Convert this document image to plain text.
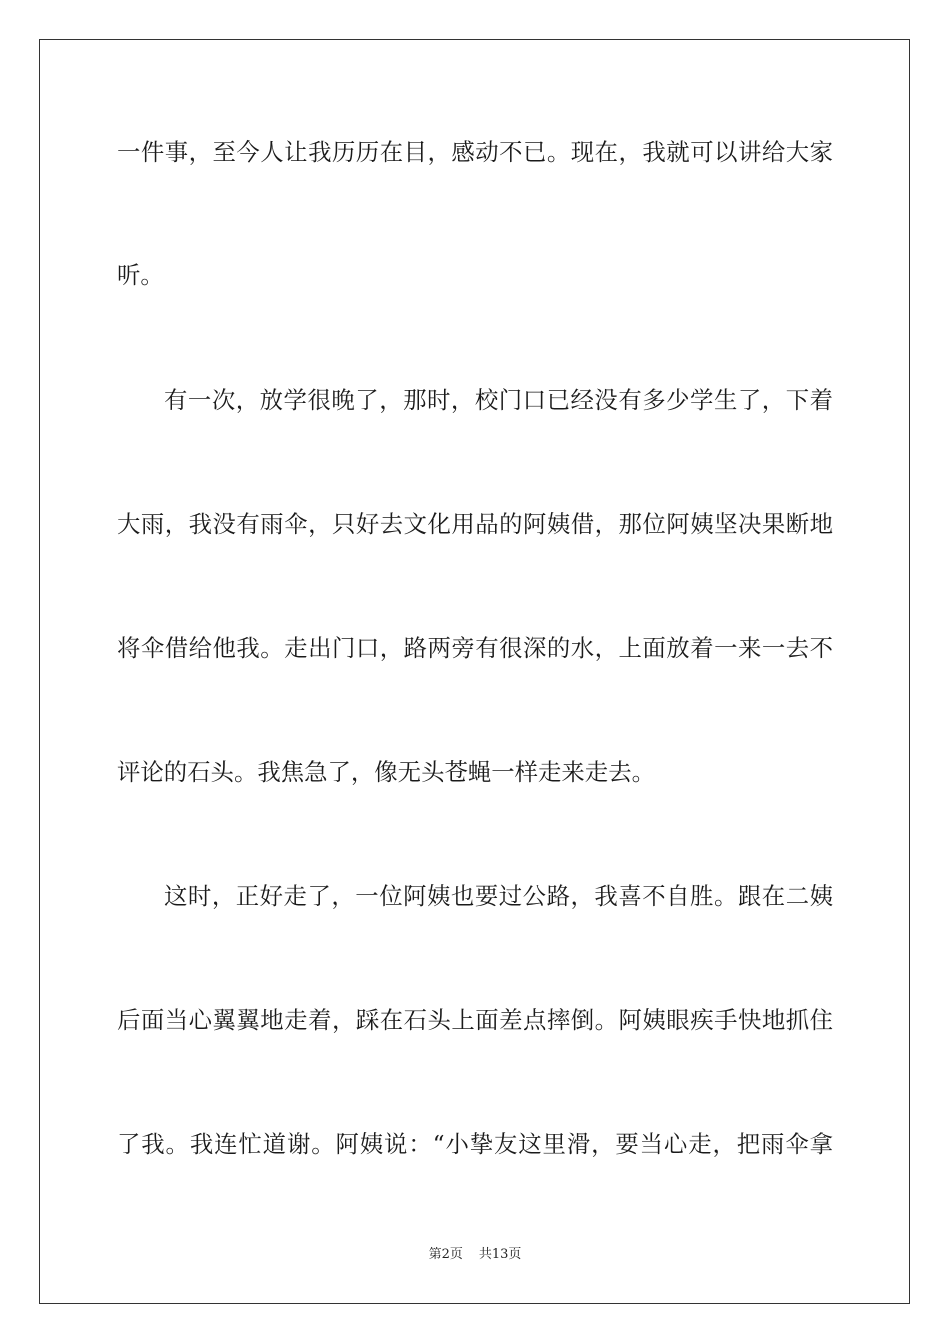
一件事，至今人让我历历在目，感动不已。现在，我就可以讲给大家
听。
有一次，放学很晚了，那时，校门口已经没有多少学生了，下着
大雨，我没有雨伞，只好去文化用品的阿姨借，那位阿姨坚决果断地
将伞借给他我。走出门口，路两旁有很深的水，上面放着一来一去不
评论的石头。我焦急了，像无头苍蝇一样走来走去。
这时，正好走了，一位阿姨也要过公路，我喜不自胜。跟在二姨
后面当心翼翼地走着，踩在石头上面差点摔倒。阿姨眼疾手快地抓住
了我。我连忙道谢。阿姨说：“小挚友这里滑，要当心走，把雨伞拿
第2页 共13页
